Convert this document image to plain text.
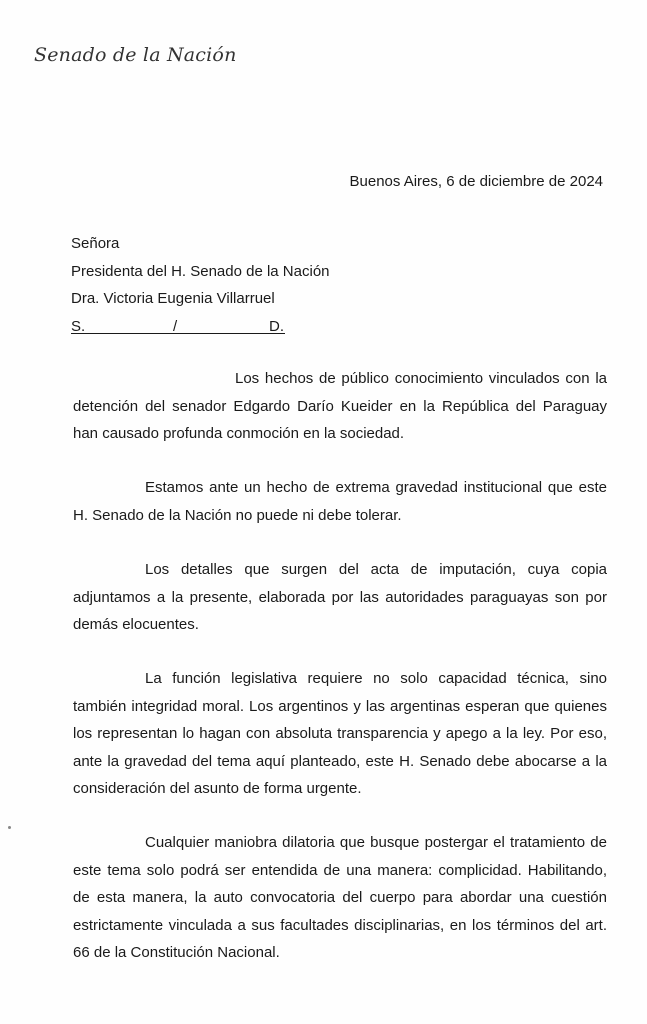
Senado de la Nación
Buenos Aires, 6 de diciembre de 2024
Señora
Presidenta del H. Senado de la Nación
Dra. Victoria Eugenia Villarruel
S.	/	D.

Los hechos de público conocimiento vinculados con la detención del senador Edgardo Darío Kueider en la República del Paraguay han causado profunda conmoción en la sociedad.

Estamos ante un hecho de extrema gravedad institucional que este H. Senado de la Nación no puede ni debe tolerar.

Los detalles que surgen del acta de imputación, cuya copia adjuntamos a la presente, elaborada por las autoridades paraguayas son por demás elocuentes.

La función legislativa requiere no solo capacidad técnica, sino también integridad moral. Los argentinos y las argentinas esperan que quienes los representan lo hagan con absoluta transparencia y apego a la ley. Por eso, ante la gravedad del tema aquí planteado, este H. Senado debe abocarse a la consideración del asunto de forma urgente.

Cualquier maniobra dilatoria que busque postergar el tratamiento de este tema solo podrá ser entendida de una manera: complicidad. Habilitando, de esta manera, la auto convocatoria del cuerpo para abordar una cuestión estrictamente vinculada a sus facultades disciplinarias, en los términos del art. 66 de la Constitución Nacional.
